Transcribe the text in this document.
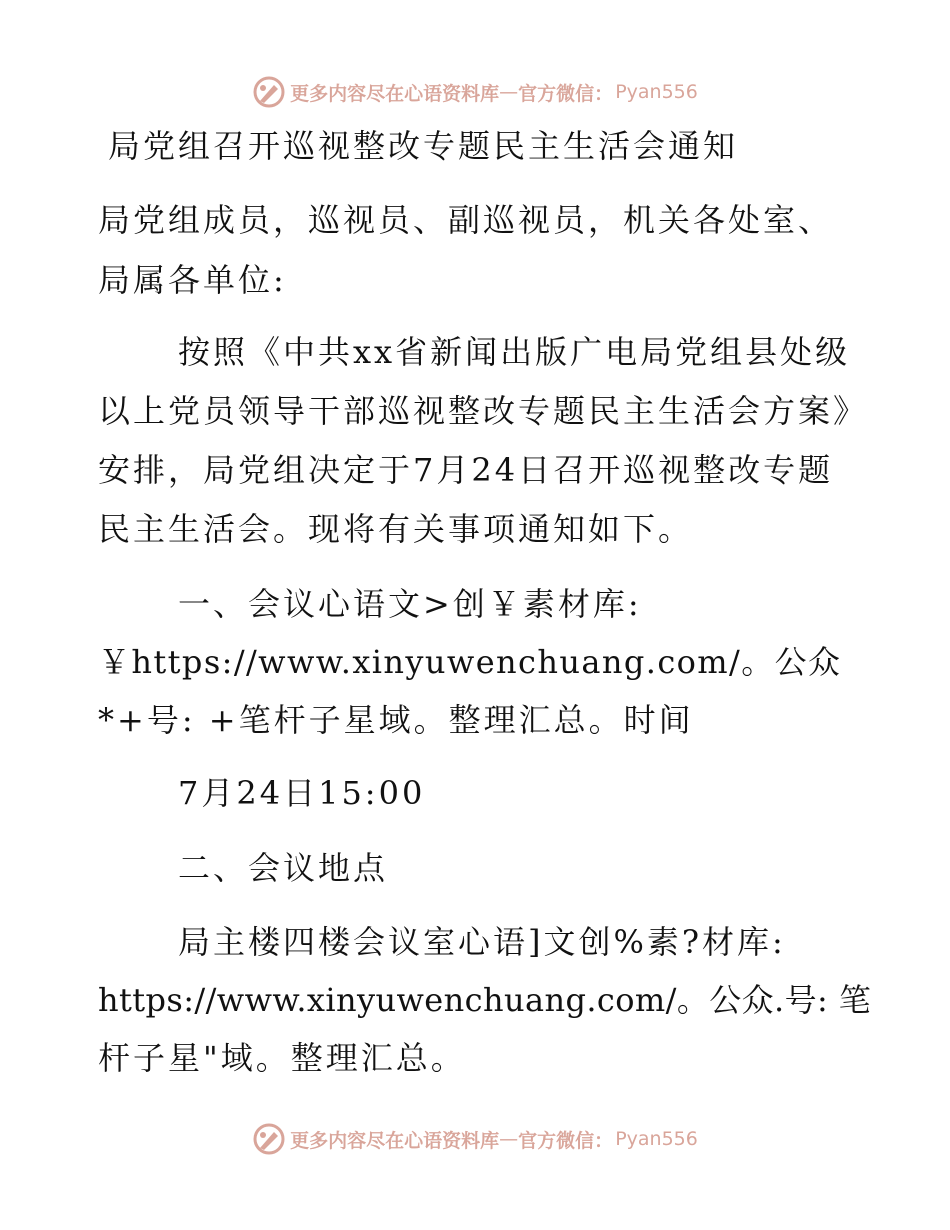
更多内容尽在心语资料库 — 官方微信： Pyan556
局党组召开巡视整改专题民主生活会通知
局党组成员，巡视员、副巡视员，机关各处室、
局属各单位:
按照《中共xx省新闻出版广电局党组县处级
以上党员领导干部巡视整改专题民主生活会方案》
安排，局党组决定于7月24日召开巡视整改专题
民主生活会。现将有关事项通知如下。
一、会议心语文>创￥素材库:
￥https://www.xinyuwenchuang.com/。公众
*+号: +笔杆子星域。整理汇总。时间
7月24日15:00
二、会议地点
局主楼四楼会议室心语]文创%素?材库:
https://www.xinyuwenchuang.com/。公众.号: 笔
杆子星"域。整理汇总。
更多内容尽在心语资料库 — 官方微信： Pyan556
